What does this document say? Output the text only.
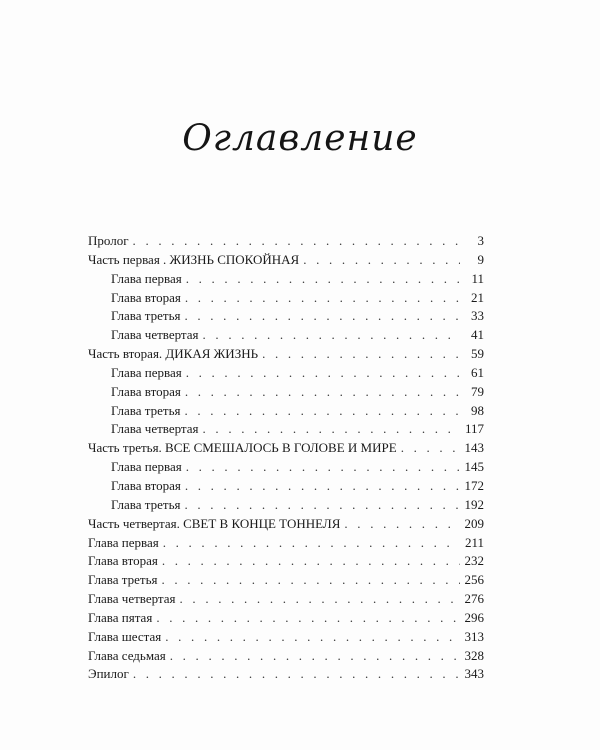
Оглавление
Пролог . . .	3
Часть первая . ЖИЗНЬ СПОКОЙНАЯ . . .	9
Глава первая . . .	11
Глава вторая . . .	21
Глава третья . . .	33
Глава четвертая . . .	41
Часть вторая. ДИКАЯ ЖИЗНЬ . . .	59
Глава первая . . .	61
Глава вторая . . .	79
Глава третья . . .	98
Глава четвертая . . .	117
Часть третья. ВСЕ СМЕШАЛОСЬ В ГОЛОВЕ И МИРЕ . . .	143
Глава первая . . .	145
Глава вторая . . .	172
Глава третья . . .	192
Часть четвертая. СВЕТ В КОНЦЕ ТОННЕЛЯ . . .	209
Глава первая . . .	211
Глава вторая . . .	232
Глава третья . . .	256
Глава четвертая . . .	276
Глава пятая . . .	296
Глава шестая . . .	313
Глава седьмая . . .	328
Эпилог . . .	343
